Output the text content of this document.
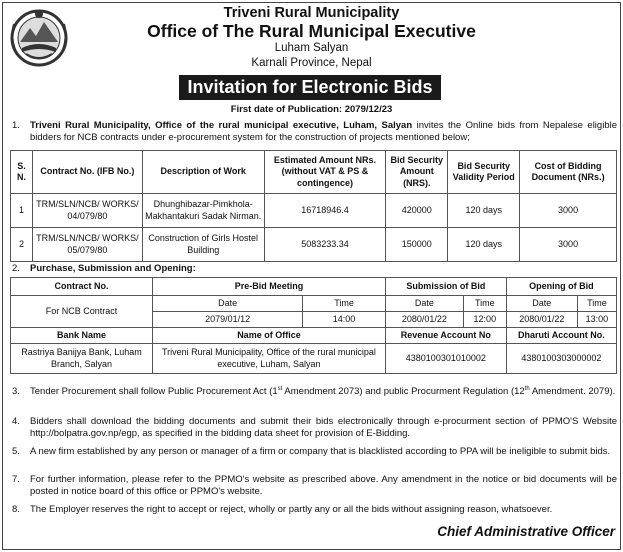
Triveni Rural Municipality
Office of The Rural Municipal Executive
Luham Salyan
Karnali Province, Nepal
Invitation for Electronic Bids
First date of Publication: 2079/12/23
1. Triveni Rural Municipality, Office of the rural municipal executive, Luham, Salyan invites the Online bids from Nepalese eligible bidders for NCB contracts under e-procurement system for the construction of projects mentioned below;
S. N.	Contract No. (IFB No.)	Description of Work	Estimated Amount NRs. (without VAT & PS & contingence)	Bid Security Amount (NRS).	Bid Security Validity Period	Cost of Bidding Document (NRs.)
1	TRM/SLN/NCB/ WORKS/ 04/079/80	Dhunghibazar-Pimkhola-Makhantakuri Sadak Nirman.	16718946.4	420000	120 days	3000
2	TRM/SLN/NCB/ WORKS/ 05/079/80	Construction of Girls Hostel Building	5083233.34	150000	120 days	3000
2. Purchase, Submission and Opening:
Contract No.	Pre-Bid Meeting		Submission of Bid		Opening of Bid	
For NCB Contract	Date	Time	Date	Time	Date	Time
	2079/01/12	14:00	2080/01/22	12:00	2080/01/22	13:00
Bank Name	Name of Office		Revenue Account No		Dharuti Account No.	
Rastriya Banijya Bank, Luham Branch, Salyan	Triveni Rural Municipality, Office of the rural municipal executive, Luham, Salyan		4380100301010002		4380100303000002	
3. Tender Procurement shall follow Public Procurement Act (1st Amendment 2073) and public Procurment Regulation (12th Amendment. 2079).
4. Bidders shall download the bidding documents and submit their bids electronically through e-procurment section of PPMO'S Website http://bolpatra.gov.np/egp, as specified in the bidding data sheet for provision of E-Bidding.
5. A new firm established by any person or manager of a firm or company that is blacklisted according to PPA will be ineligible to submit bids.
7. For further information, please refer to the PPMO's website as prescribed above. Any amendment in the notice or bid documents will be posted in notice board of this office or PPMO's website.
8. The Employer reserves the right to accept or reject, wholly or partly any or all the bids without assigning reason, whatsoever.
Chief Administrative Officer
